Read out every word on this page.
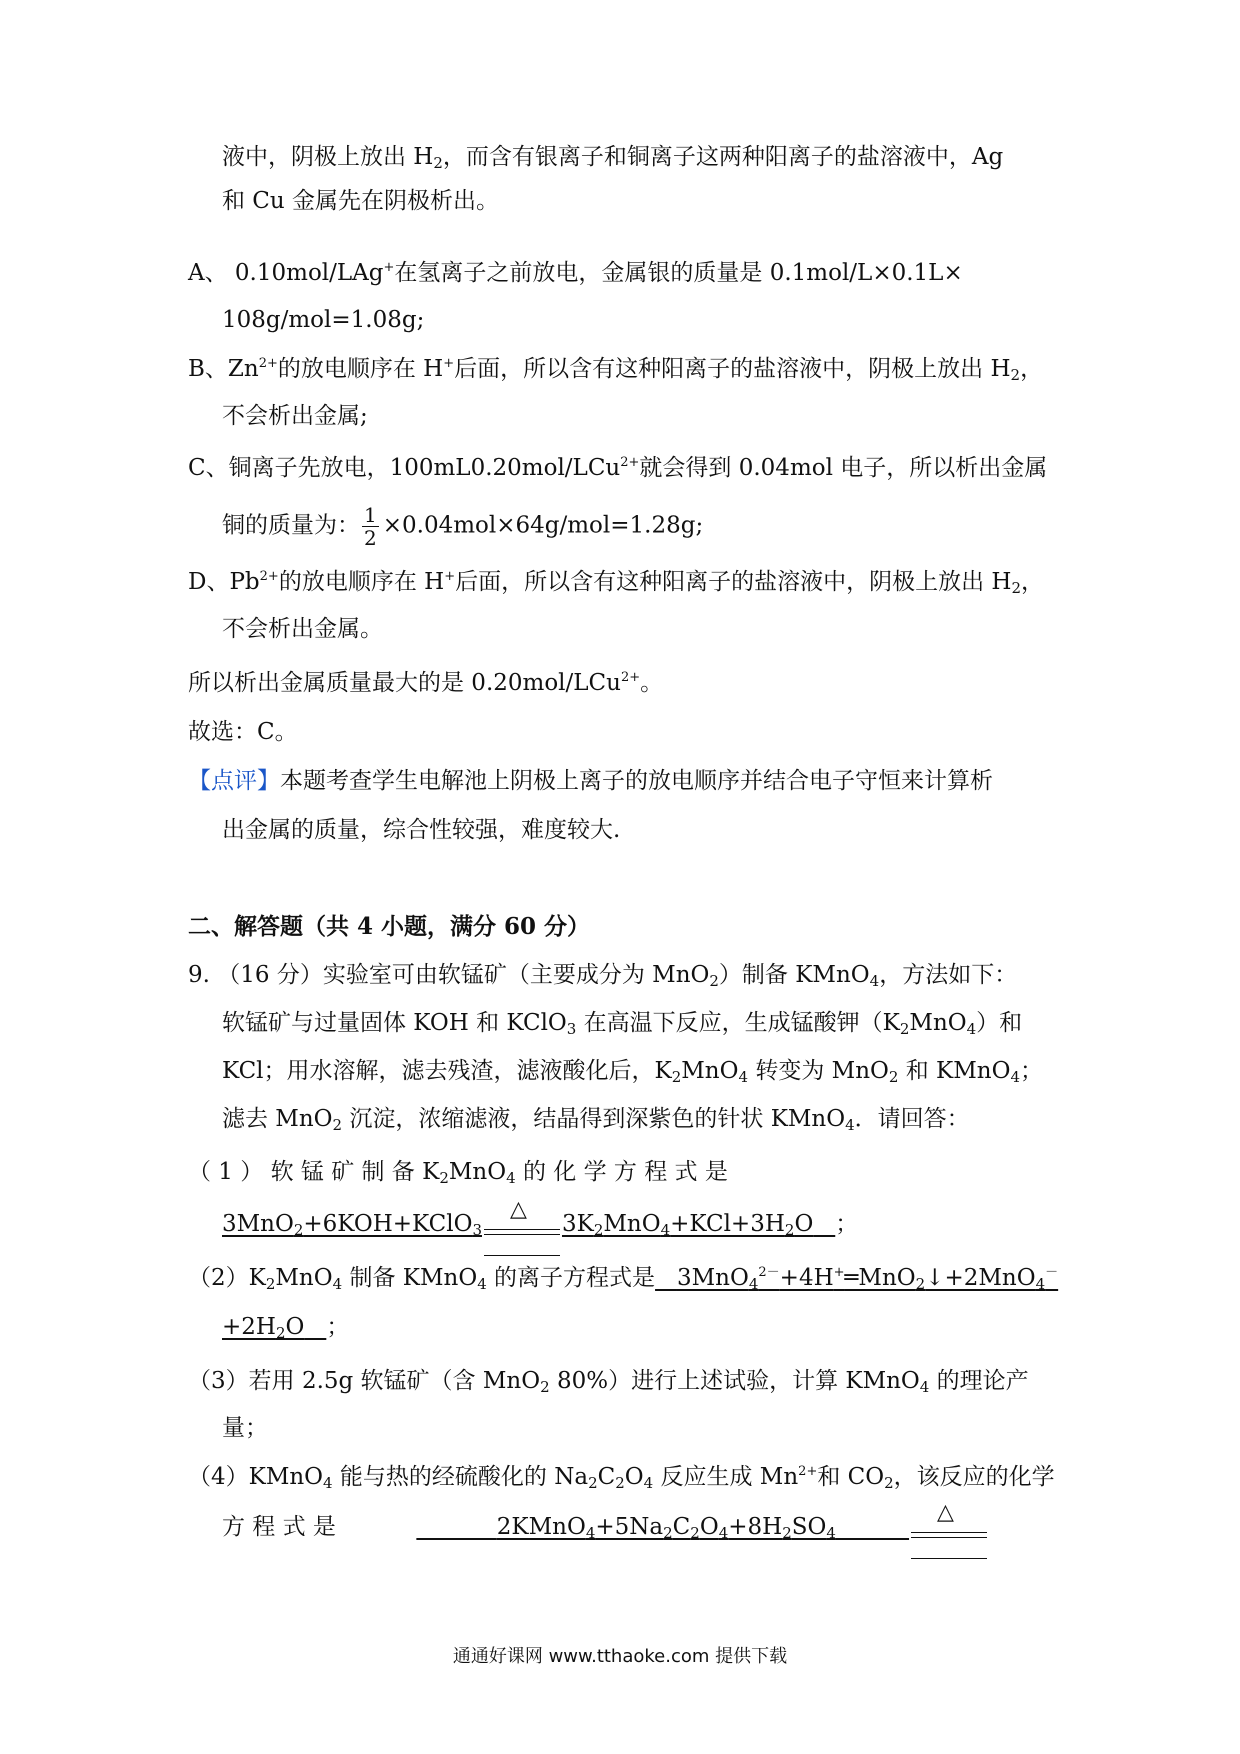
液中，阴极上放出 $H_2$，而含有银离子和铜离子这两种阳离子的盐溶液中，Ag
和 Cu 金属先在阴极析出。
A、 0.10mol/LAg+在氢离子之前放电，金属银的质量是 0.1mol/L×0.1L×
108g/mol=1.08g;
B、$Zn^{2+}$的放电顺序在 H+后面，所以含有这种阳离子的盐溶液中，阴极上放出 $H_2$，
不会析出金属;
C、铜离子先放电，100mL0.20mol/LCu$^{2+}$就会得到 0.04mol 电子，所以析出金属
铜的质量为： $\frac{1}{2} \times 0.04mol\times 64g/mol=1.28g$;
D、$Pb^{2+}$的放电顺序在 H+后面，所以含有这种阳离子的盐溶液中，阴极上放出 $H_2$，
不会析出金属。
所以析出金属质量最大的是 0.20mol/LCu$^{2+}$。
故选：C。
【点评】本题考查学生电解池上阴极上离子的放电顺序并结合电子守恒来计算析
出金属的质量，综合性较强，难度较大.
二、解答题（共 4 小题，满分 60 分）
9. （16 分）实验室可由软锰矿（主要成分为 MnO$_2$）制备 KMnO$_4$，方法如下：
软锰矿与过量固体 KOH 和 KClO$_3$ 在高温下反应，生成锰酸钾$(K_2MnO_4)$和
KCl；用水溶解，滤去残渣，滤液酸化后，$K_2MnO_4$ 转变为 MnO$_2$ 和 KMnO$_4$；
滤去 MnO$_2$ 沉淀，浓缩滤液，结晶得到深紫色的针状 KMnO$_4$．请回答：
（ 1 ） 软 锰 矿 制 备 $K_2MnO_4$ 的 化 学 方 程 式 是
3MnO$_2$+6KOH+KClO$_3$
△
$3K_2MnO_4+KCl+3H_2O$ ；
$(2)K_2MnO_4$ 制备 KMnO$_4$ 的离子方程式是 3MnO$_4^{2-}$+4H+═MnO$_2$↓+2MnO$_4$－
$+2H_2O$ ；
（3）若用 2.5g 软锰矿（含 MnO$_2$ 80%）进行上述试验，计算 KMnO$_4$ 的理论产
量；
（4）KMnO$_4$ 能与热的经硫酸化的 $Na_2C_2O_4$ 反应生成 $Mn^{2+}$和 $CO_2$，该反应的化学
方 程 式 是	$2KMnO_4+5Na_2C_2O_4+8H_2SO_4$
△
通通好课网 www.tthaoke.com 提供下载
